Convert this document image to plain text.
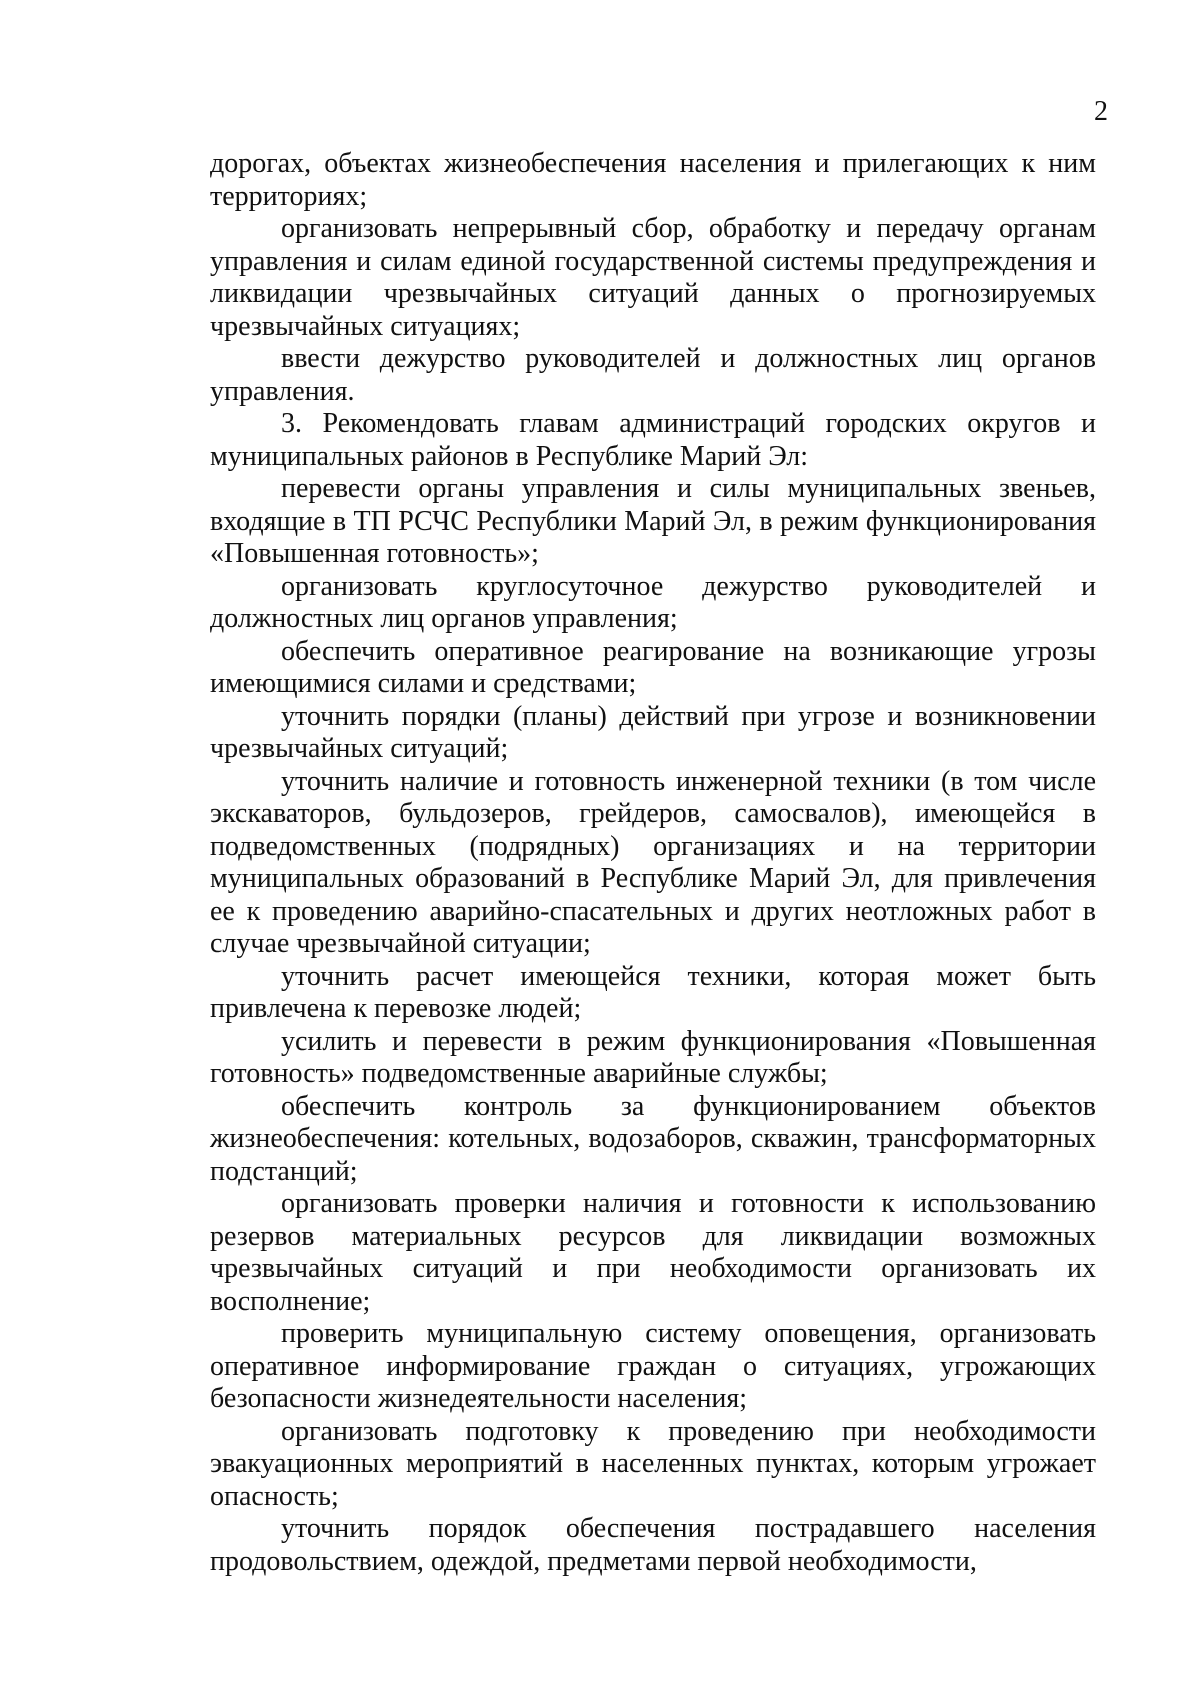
2

дорогах, объектах жизнеобеспечения населения и прилегающих к ним территориях;

организовать непрерывный сбор, обработку и передачу органам управления и силам единой государственной системы предупреждения и ликвидации чрезвычайных ситуаций данных о прогнозируемых чрезвычайных ситуациях;

ввести дежурство руководителей и должностных лиц органов управления.

3. Рекомендовать главам администраций городских округов и муниципальных районов в Республике Марий Эл:

перевести органы управления и силы муниципальных звеньев, входящие в ТП РСЧС Республики Марий Эл, в режим функционирования «Повышенная готовность»;

организовать круглосуточное дежурство руководителей и должностных лиц органов управления;

обеспечить оперативное реагирование на возникающие угрозы имеющимися силами и средствами;

уточнить порядки (планы) действий при угрозе и возникновении чрезвычайных ситуаций;

уточнить наличие и готовность инженерной техники (в том числе экскаваторов, бульдозеров, грейдеров, самосвалов), имеющейся в подведомственных (подрядных) организациях и на территории муниципальных образований в Республике Марий Эл, для привлечения ее к проведению аварийно-спасательных и других неотложных работ в случае чрезвычайной ситуации;

уточнить расчет имеющейся техники, которая может быть привлечена к перевозке людей;

усилить и перевести в режим функционирования «Повышенная готовность» подведомственные аварийные службы;

обеспечить контроль за функционированием объектов жизнеобеспечения: котельных, водозаборов, скважин, трансформаторных подстанций;

организовать проверки наличия и готовности к использованию резервов материальных ресурсов для ликвидации возможных чрезвычайных ситуаций и при необходимости организовать их восполнение;

проверить муниципальную систему оповещения, организовать оперативное информирование граждан о ситуациях, угрожающих безопасности жизнедеятельности населения;

организовать подготовку к проведению при необходимости эвакуационных мероприятий в населенных пунктах, которым угрожает опасность;

уточнить порядок обеспечения пострадавшего населения продовольствием, одеждой, предметами первой необходимости,
